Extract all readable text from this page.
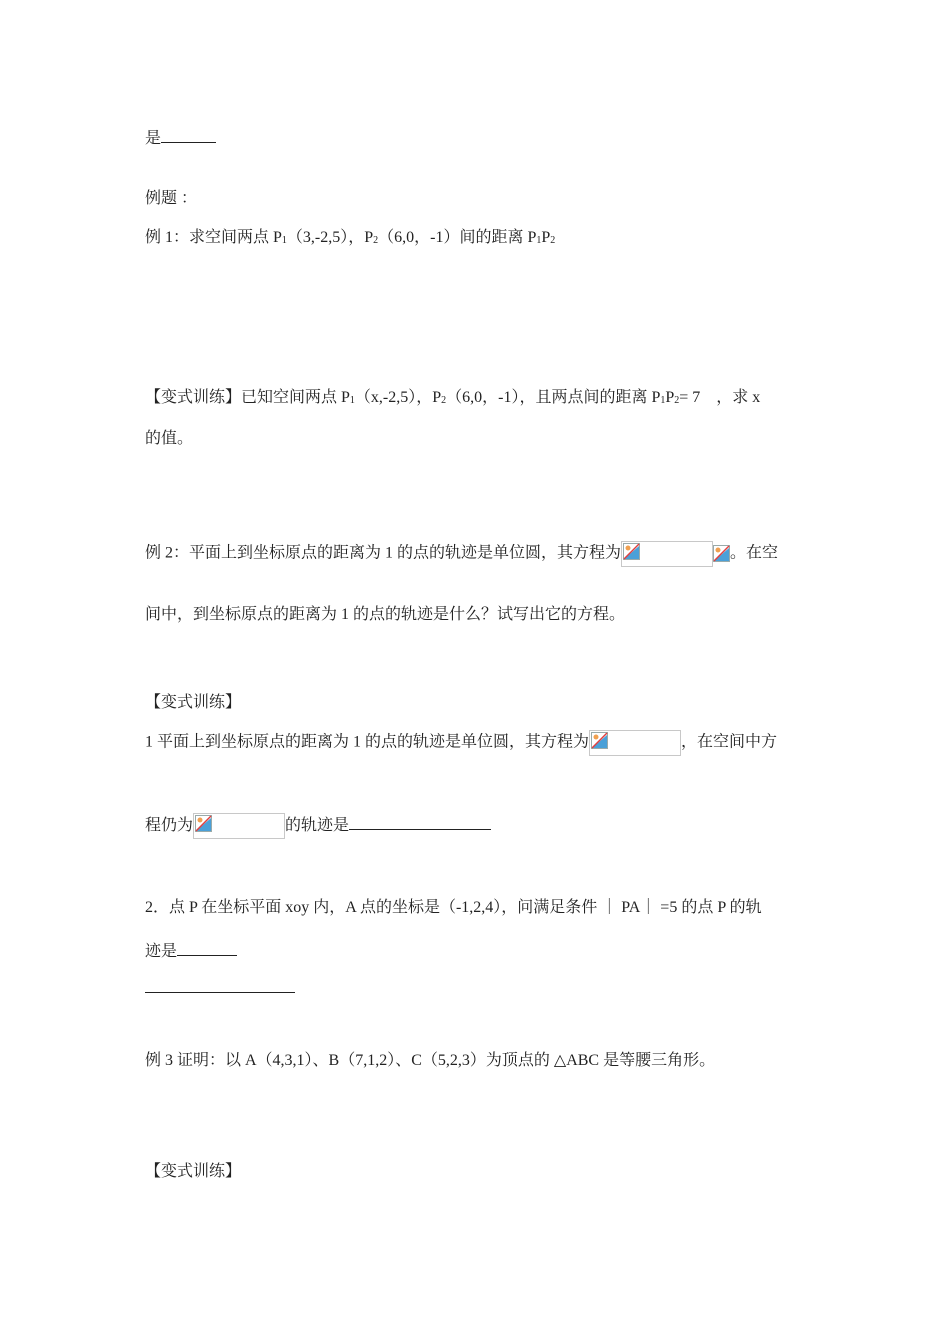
是
例题 ：
例 1：求空间两点 $P_1(3,-2,5)$，$P_2(6,0$，-1）间的距离 $P_1P_2$
【变式训练】已知空间两点 $P_1(x,-2,5)$，$P_2(6,0$，-1），且两点间的距离 $P_1P_2= 7$　，求 x
的值。
例 2：平面上到坐标原点的距离为 1 的点的轨迹是单位圆，其方程为	。在空
间中，到坐标原点的距离为 1 的点的轨迹是什么？试写出它的方程。
【变式训练】
1 平面上到坐标原点的距离为 1 的点的轨迹是单位圆，其方程为	，在空间中方
程仍为	的轨迹是
2．点 P 在坐标平面 xoy 内，A 点的坐标是（-1,2,4），问满足条件 ｜ PA｜ =5 的点 P 的轨
迹是
例 3 证明：以 A（4,3,1）、B（7,1,2）、C（5,2,3）为顶点的 △ABC 是等腰三角形。
【变式训练】
